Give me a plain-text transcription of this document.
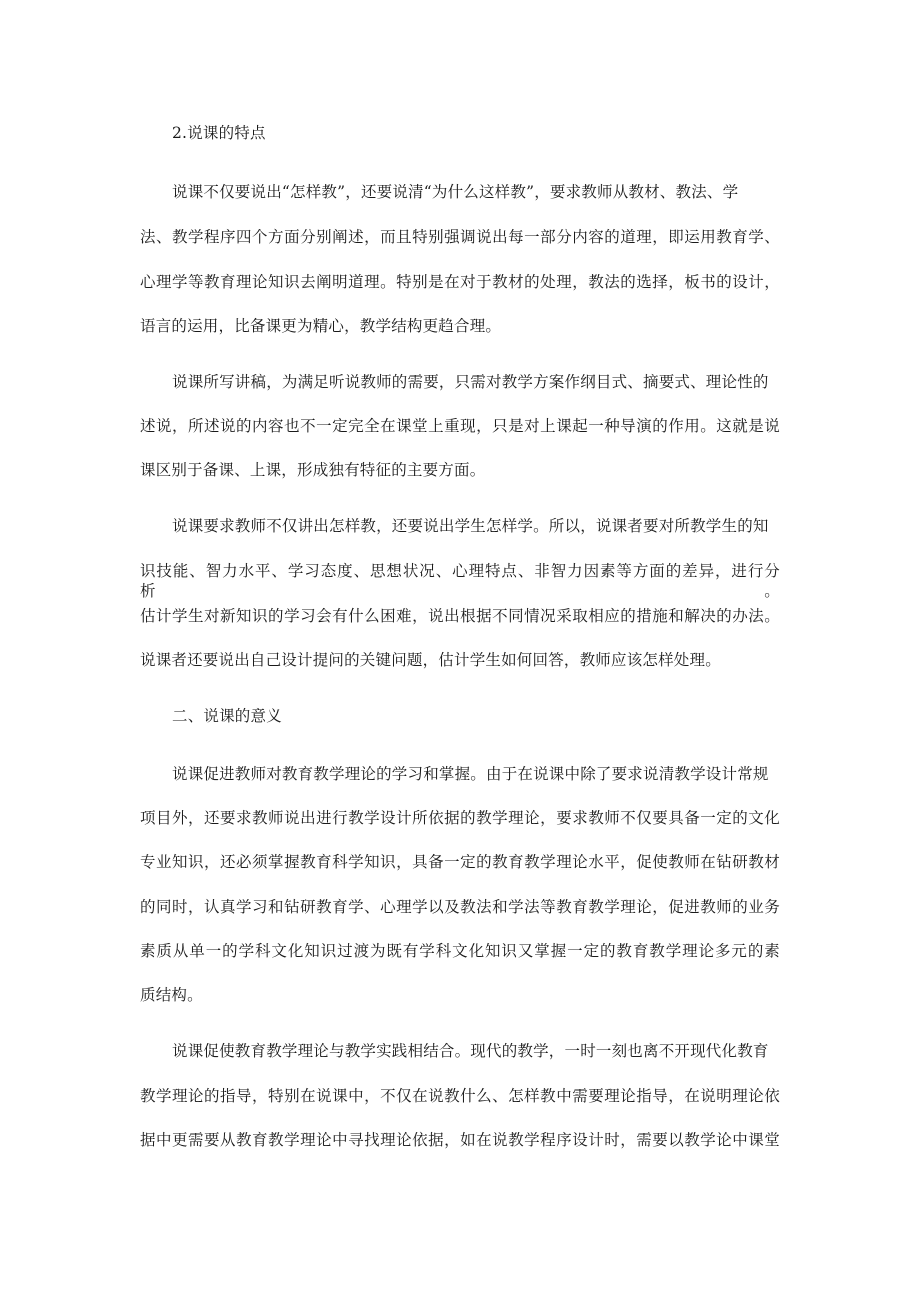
2.说课的特点
说课不仅要说出“怎样教”，还要说清“为什么这样教”，要求教师从教材、教法、学
法、教学程序四个方面分别阐述，而且特别强调说出每一部分内容的道理，即运用教育学、
心理学等教育理论知识去阐明道理。特别是在对于教材的处理，教法的选择，板书的设计，
语言的运用，比备课更为精心，教学结构更趋合理。
说课所写讲稿，为满足听说教师的需要，只需对教学方案作纲目式、摘要式、理论性的
述说，所述说的内容也不一定完全在课堂上重现，只是对上课起一种导演的作用。这就是说
课区别于备课、上课，形成独有特征的主要方面。
说课要求教师不仅讲出怎样教，还要说出学生怎样学。所以，说课者要对所教学生的知
识技能、智力水平、学习态度、思想状况、心理特点、非智力因素等方面的差异，进行分析。
估计学生对新知识的学习会有什么困难，说出根据不同情况采取相应的措施和解决的办法。
说课者还要说出自己设计提问的关键问题，估计学生如何回答，教师应该怎样处理。
二、说课的意义
说课促进教师对教育教学理论的学习和掌握。由于在说课中除了要求说清教学设计常规
项目外，还要求教师说出进行教学设计所依据的教学理论，要求教师不仅要具备一定的文化
专业知识，还必须掌握教育科学知识，具备一定的教育教学理论水平，促使教师在钻研教材
的同时，认真学习和钻研教育学、心理学以及教法和学法等教育教学理论，促进教师的业务
素质从单一的学科文化知识过渡为既有学科文化知识又掌握一定的教育教学理论多元的素
质结构。
说课促使教育教学理论与教学实践相结合。现代的教学，一时一刻也离不开现代化教育
教学理论的指导，特别在说课中，不仅在说教什么、怎样教中需要理论指导，在说明理论依
据中更需要从教育教学理论中寻找理论依据，如在说教学程序设计时，需要以教学论中课堂
